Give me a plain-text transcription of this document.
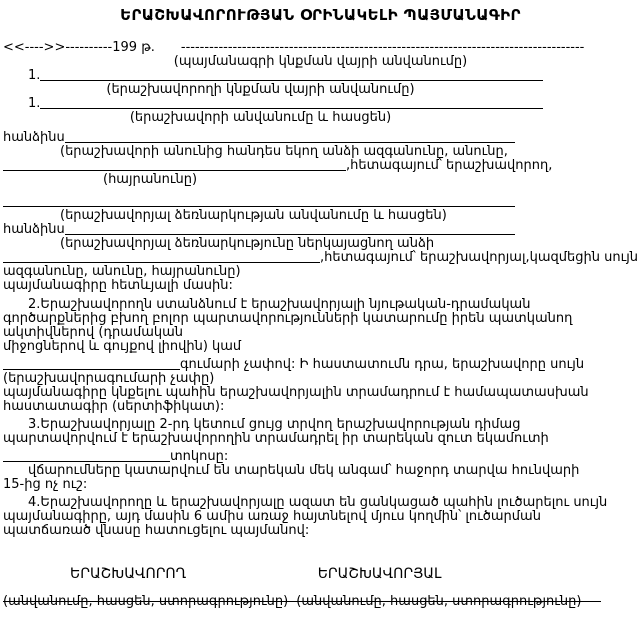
ԵՐԱՇԽԱՎՈՐՈՒԹՅԱՆ ՕՐԻՆԱԿԵԼԻ ՊԱՅՄԱՆԱԳԻՐ
<<---->>----------199 թ. --------------------------------------------------------------------------------------
(պայմանագրի կնքման վայրի անվանումը)
1.
(երաշխավորողի կնքման վայրի անվանումը)
1.
(երաշխավորի անվանումը և հասցեն)
հանձինս
(երաշխավորի անունից հանդես եկող անձի ազգանունը, անունը,
,հետագայում՝ երաշխավորող,
(հայրանունը)
(երաշխավորյալ ձեռնարկության անվանումը և հասցեն)
հանձինս
(երաշխավորյալ ձեռնարկությունը ներկայացնող անձի
,հետագայում՝ երաշխավորյալ,կազմեցին սույն
ազգանունը, անունը, հայրանունը)
պայմանագիրը հետևյալի մասին:
2.Երաշխավորողն ստանձնում է երաշխավորյալի նյութական-դրամական
գործարքներից բխող բոլոր պարտավորությունների կատարումը իրեն պատկանող
ակտիվներով (դրամական
միջոցներով և գույքով լիովին) կամ
գումարի չափով: Ի հաստատումն դրա, երաշխավորը սույն
(երաշխավորագումարի չափը)
պայմանագիրը կնքելու պահին երաշխավորյալին տրամադրում է համապատասխան
հաստատագիր (սերտիֆիկատ):
3.Երաշխավորյալը 2-րդ կետում ցույց տրվող երաշխավորության դիմաց
պարտավորվում է երաշխավորողին տրամադրել իր տարեկան զուտ եկամուտի
տոկոսը:
վճարումները կատարվում են տարեկան մեկ անգամ՝ հաջորդ տարվա հունվարի
15-ից ոչ ուշ:
4.Երաշխավորողը և երաշխավորյալը ազատ են ցանկացած պահին լուծարելու սույն
պայմանագիրը, այդ մասին 6 ամիս առաջ հայտնելով մյուս կողմին՝ լուծարման
պատճառած վնասը հատուցելու պայմանով:
ԵՐԱՇԽԱՎՈՐՈՂ	ԵՐԱՇԽԱՎՈՐՅԱԼ
(անվանումը, հասցեն, ստորագրությունը) (անվանումը, հասցեն, ստորագրությունը)
